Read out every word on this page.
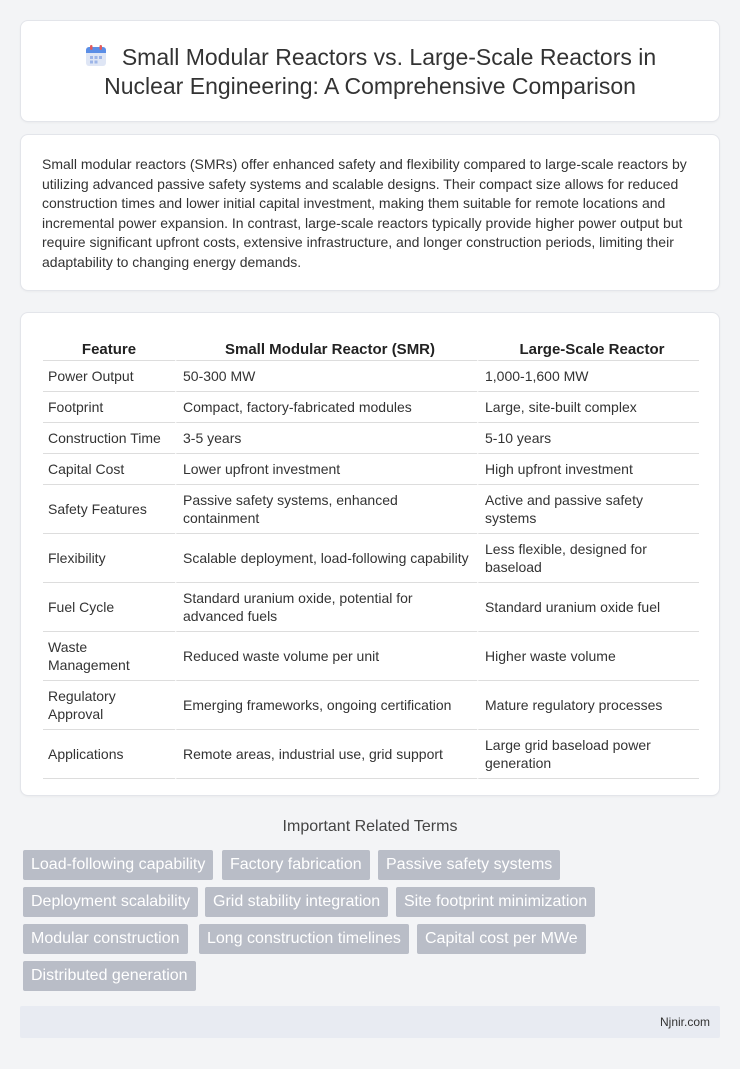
Small Modular Reactors vs. Large-Scale Reactors in
Nuclear Engineering: A Comprehensive Comparison

Small modular reactors (SMRs) offer enhanced safety and flexibility compared to large-scale reactors by utilizing advanced passive safety systems and scalable designs. Their compact size allows for reduced construction times and lower initial capital investment, making them suitable for remote locations and incremental power expansion. In contrast, large-scale reactors typically provide higher power output but require significant upfront costs, extensive infrastructure, and longer construction periods, limiting their adaptability to changing energy demands.

Feature	Small Modular Reactor (SMR)	Large-Scale Reactor
Power Output	50-300 MW	1,000-1,600 MW
Footprint	Compact, factory-fabricated modules	Large, site-built complex
Construction Time	3-5 years	5-10 years
Capital Cost	Lower upfront investment	High upfront investment
Safety Features	Passive safety systems, enhanced containment	Active and passive safety systems
Flexibility	Scalable deployment, load-following capability	Less flexible, designed for baseload
Fuel Cycle	Standard uranium oxide, potential for advanced fuels	Standard uranium oxide fuel
Waste Management	Reduced waste volume per unit	Higher waste volume
Regulatory Approval	Emerging frameworks, ongoing certification	Mature regulatory processes
Applications	Remote areas, industrial use, grid support	Large grid baseload power generation
Important Related Terms
Load-following capability	Factory fabrication	Passive safety systems
Deployment scalability	Grid stability integration	Site footprint minimization
Modular construction	Long construction timelines	Capital cost per MWe
Distributed generation
Njnir.com
